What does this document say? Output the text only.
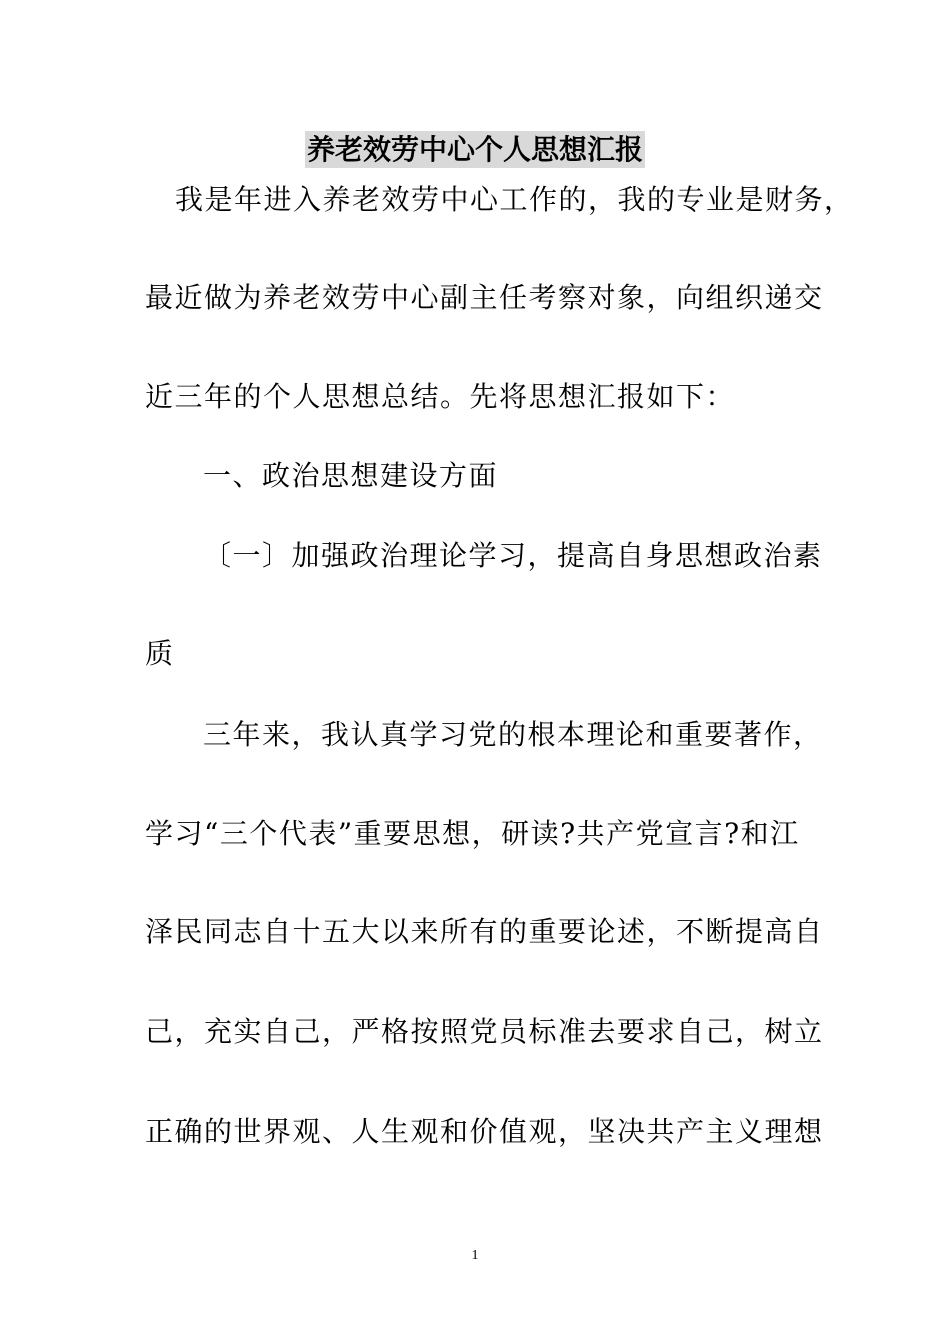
养老效劳中心个人思想汇报
我是年进入养老效劳中心工作的，我的专业是财务，
最近做为养老效劳中心副主任考察对象，向组织递交
近三年的个人思想总结。先将思想汇报如下：
一、政治思想建设方面
〔一〕加强政治理论学习，提高自身思想政治素
质
三年来，我认真学习党的根本理论和重要著作，
学习“三个代表”重要思想，研读?共产党宣言?和江
泽民同志自十五大以来所有的重要论述，不断提高自
己，充实自己，严格按照党员标准去要求自己，树立
正确的世界观、人生观和价值观，坚决共产主义理想
1
